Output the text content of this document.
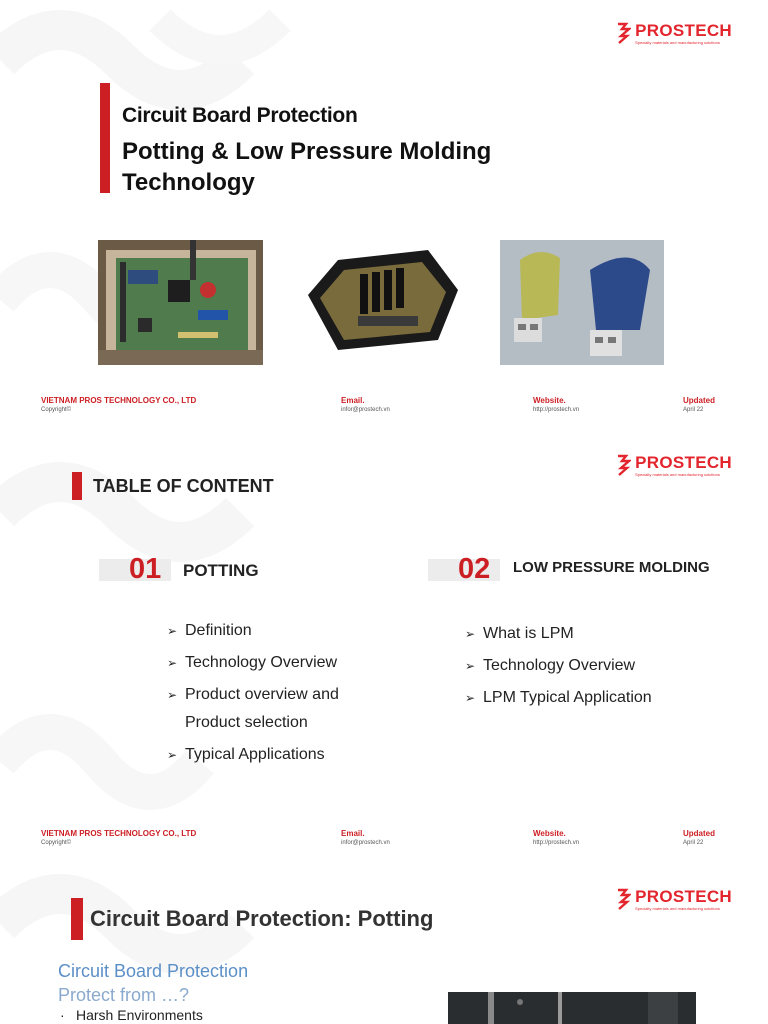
PROSTECH
Specialty materials and manufacturing solutions
Circuit Board Protection
Potting & Low Pressure Molding Technology
VIETNAM PROS TECHNOLOGY CO., LTD
Copyright©
Email.
infor@prostech.vn
Website.
http://prostech.vn
Updated
April 22
PROSTECH
Specialty materials and manufacturing solutions
TABLE OF CONTENT
01 POTTING
➢ Definition
➢ Technology Overview
➢ Product overview and Product selection
➢ Typical Applications
02 LOW PRESSURE MOLDING
➢ What is LPM
➢ Technology Overview
➢ LPM Typical Application
VIETNAM PROS TECHNOLOGY CO., LTD
Copyright©
Email.
infor@prostech.vn
Website.
http://prostech.vn
Updated
April 22
PROSTECH
Specialty materials and manufacturing solutions
Circuit Board Protection: Potting
Circuit Board Protection
Protect from …?
· Harsh Environments
